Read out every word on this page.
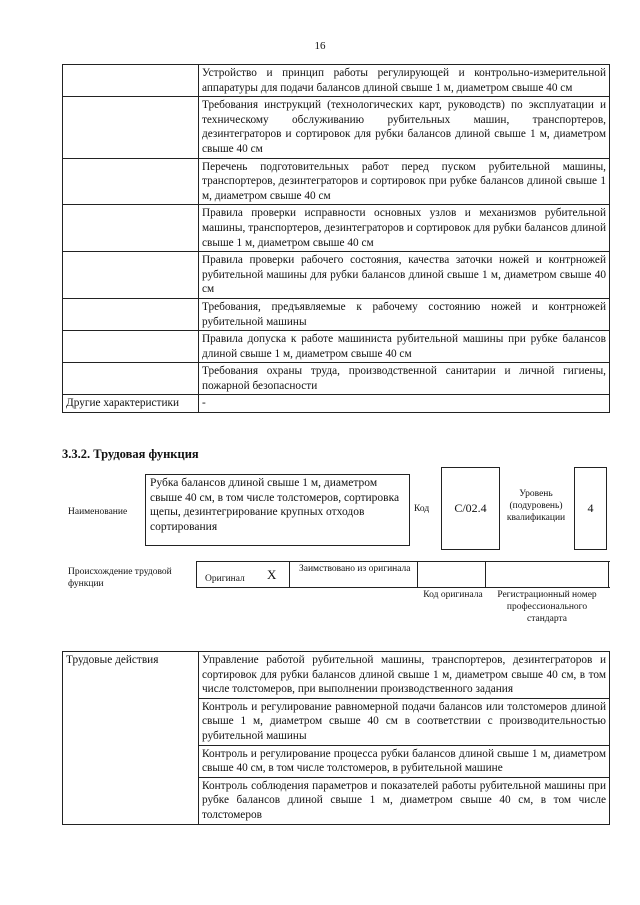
16
	Устройство и принцип работы регулирующей и контрольно-измерительной аппаратуры для подачи балансов длиной свыше 1 м, диаметром свыше 40 см
	Требования инструкций (технологических карт, руководств) по эксплуатации и техническому обслуживанию рубительных машин, транспортеров, дезинтеграторов и сортировок для рубки балансов длиной свыше 1 м, диаметром свыше 40 см
	Перечень подготовительных работ перед пуском рубительной машины, транспортеров, дезинтеграторов и сортировок при рубке балансов длиной свыше 1 м, диаметром свыше 40 см
	Правила проверки исправности основных узлов и механизмов рубительной машины, транспортеров, дезинтеграторов и сортировок для рубки балансов длиной свыше 1 м, диаметром свыше 40 см
	Правила проверки рабочего состояния, качества заточки ножей и контрножей рубительной машины для рубки балансов длиной свыше 1 м, диаметром свыше 40 см
	Требования, предъявляемые к рабочему состоянию ножей и контрножей рубительной машины
	Правила допуска к работе машиниста рубительной машины при рубке балансов длиной свыше 1 м, диаметром свыше 40 см
	Требования охраны труда, производственной санитарии и личной гигиены, пожарной безопасности
Другие характеристики	-
3.3.2. Трудовая функция
Наименование
Рубка балансов длиной свыше 1 м, диаметром свыше 40 см, в том числе толстомеров, сортировка щепы, дезинтегрирование крупных отходов сортирования
Код	C/02.4
Уровень (подуровень) квалификации
4
Происхождение трудовой функции	Оригинал X Заимствовано из оригинала
Код оригинала	Регистрационный номер профессионального стандарта
Трудовые действия	Управление работой рубительной машины, транспортеров, дезинтеграторов и сортировок для рубки балансов длиной свыше 1 м, диаметром свыше 40 см, в том числе толстомеров, при выполнении производственного задания
Контроль и регулирование равномерной подачи балансов или толстомеров длиной свыше 1 м, диаметром свыше 40 см в соответствии с производительностью рубительной машины
Контроль и регулирование процесса рубки балансов длиной свыше 1 м, диаметром свыше 40 см, в том числе толстомеров, в рубительной машине
Контроль соблюдения параметров и показателей работы рубительной машины при рубке балансов длиной свыше 1 м, диаметром свыше 40 см, в том числе толстомеров
